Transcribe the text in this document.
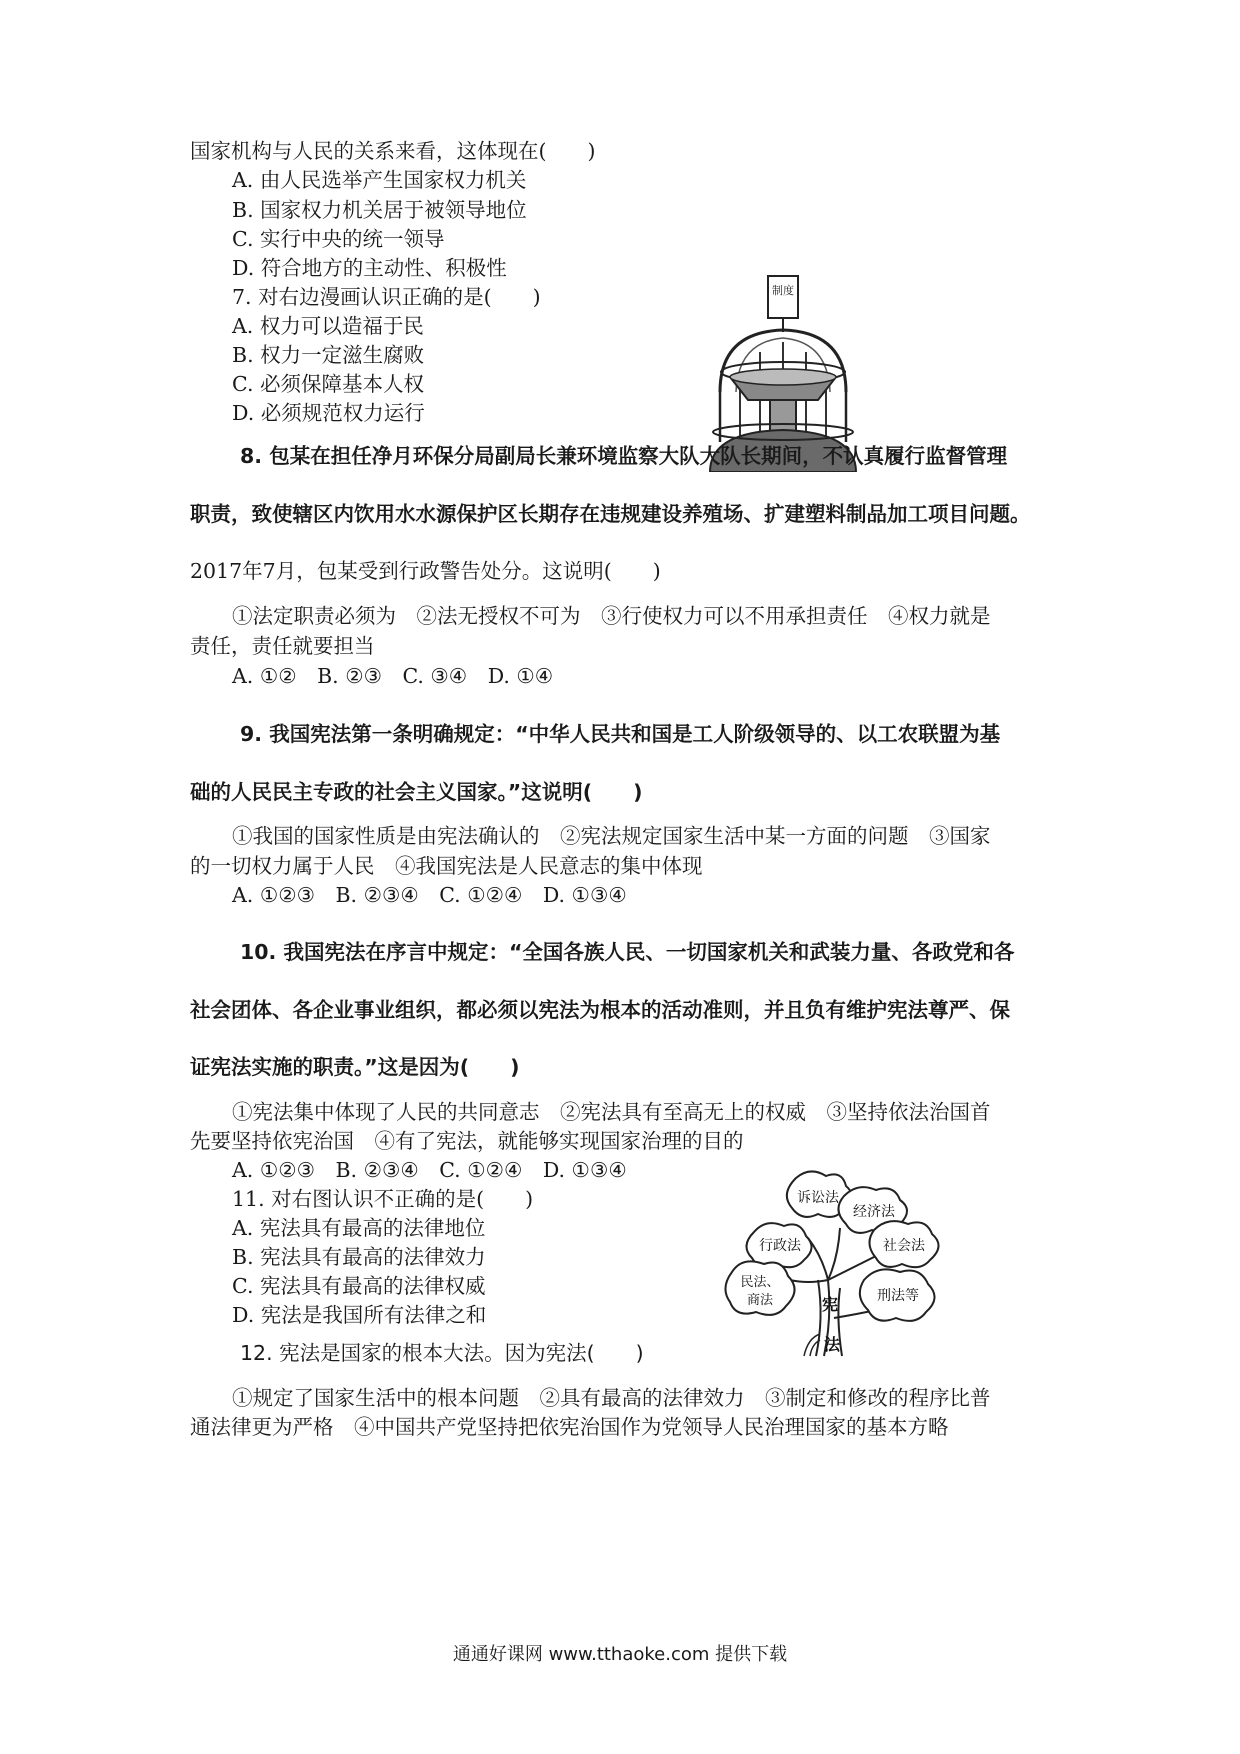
国家机构与人民的关系来看，这体现在(　　)
A. 由人民选举产生国家权力机关
B. 国家权力机关居于被领导地位
C. 实行中央的统一领导
D. 符合地方的主动性、积极性
7. 对右边漫画认识正确的是(　　)
A. 权力可以造福于民
B. 权力一定滋生腐败
C. 必须保障基本人权
D. 必须规范权力运行
制度
8. 包某在担任净月环保分局副局长兼环境监察大队大队长期间，不认真履行监督管理
职责，致使辖区内饮用水水源保护区长期存在违规建设养殖场、扩建塑料制品加工项目问题。
2017年7月，包某受到行政警告处分。这说明(　　)
①法定职责必须为　②法无授权不可为　③行使权力可以不用承担责任　④权力就是
责任，责任就要担当
A. ①②　B. ②③　C. ③④　D. ①④
9. 我国宪法第一条明确规定：“中华人民共和国是工人阶级领导的、以工农联盟为基
础的人民民主专政的社会主义国家。”这说明(　　)
①我国的国家性质是由宪法确认的　②宪法规定国家生活中某一方面的问题　③国家
的一切权力属于人民　④我国宪法是人民意志的集中体现
A. ①②③　B. ②③④　C. ①②④　D. ①③④
10. 我国宪法在序言中规定：“全国各族人民、一切国家机关和武装力量、各政党和各
社会团体、各企业事业组织，都必须以宪法为根本的活动准则，并且负有维护宪法尊严、保
证宪法实施的职责。”这是因为(　　)
①宪法集中体现了人民的共同意志　②宪法具有至高无上的权威　③坚持依法治国首
先要坚持依宪治国　④有了宪法，就能够实现国家治理的目的
A. ①②③　B. ②③④　C. ①②④　D. ①③④
11. 对右图认识不正确的是(　　)
A. 宪法具有最高的法律地位
B. 宪法具有最高的法律效力
C. 宪法具有最高的法律权威
D. 宪法是我国所有法律之和
诉讼法
经济法
行政法	社会法
民法、
商法	刑法等
宪
法
12. 宪法是国家的根本大法。因为宪法(　　)
①规定了国家生活中的根本问题　②具有最高的法律效力　③制定和修改的程序比普
通法律更为严格　④中国共产党坚持把依宪治国作为党领导人民治理国家的基本方略
通通好课网 www.tthaoke.com 提供下载
